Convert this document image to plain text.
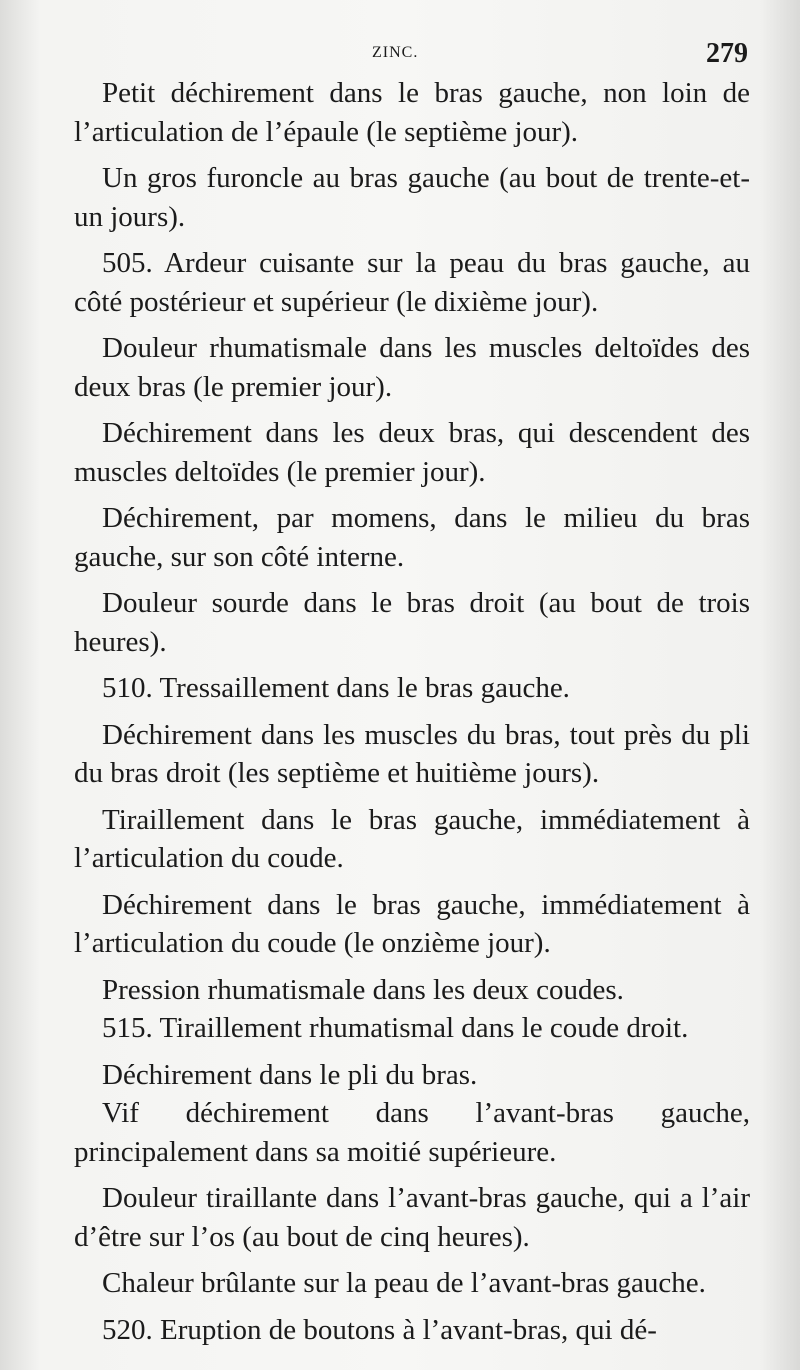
ZINC.	279

Petit déchirement dans le bras gauche, non loin de l’articulation de l’épaule (le septième jour).

Un gros furoncle au bras gauche (au bout de trente-et-un jours).

505. Ardeur cuisante sur la peau du bras gauche, au côté postérieur et supérieur (le dixième jour).

Douleur rhumatismale dans les muscles deltoïdes des deux bras (le premier jour).

Déchirement dans les deux bras, qui descendent des muscles deltoïdes (le premier jour).

Déchirement, par momens, dans le milieu du bras gauche, sur son côté interne.

Douleur sourde dans le bras droit (au bout de trois heures).

510. Tressaillement dans le bras gauche.

Déchirement dans les muscles du bras, tout près du pli du bras droit (les septième et huitième jours).

Tiraillement dans le bras gauche, immédiatement à l’articulation du coude.

Déchirement dans le bras gauche, immédiatement à l’articulation du coude (le onzième jour).

Pression rhumatismale dans les deux coudes.

515. Tiraillement rhumatismal dans le coude droit.

Déchirement dans le pli du bras.

Vif déchirement dans l’avant-bras gauche, principalement dans sa moitié supérieure.

Douleur tiraillante dans l’avant-bras gauche, qui a l’air d’être sur l’os (au bout de cinq heures).

Chaleur brûlante sur la peau de l’avant-bras gauche.

520. Eruption de boutons à l’avant-bras, qui dé-
